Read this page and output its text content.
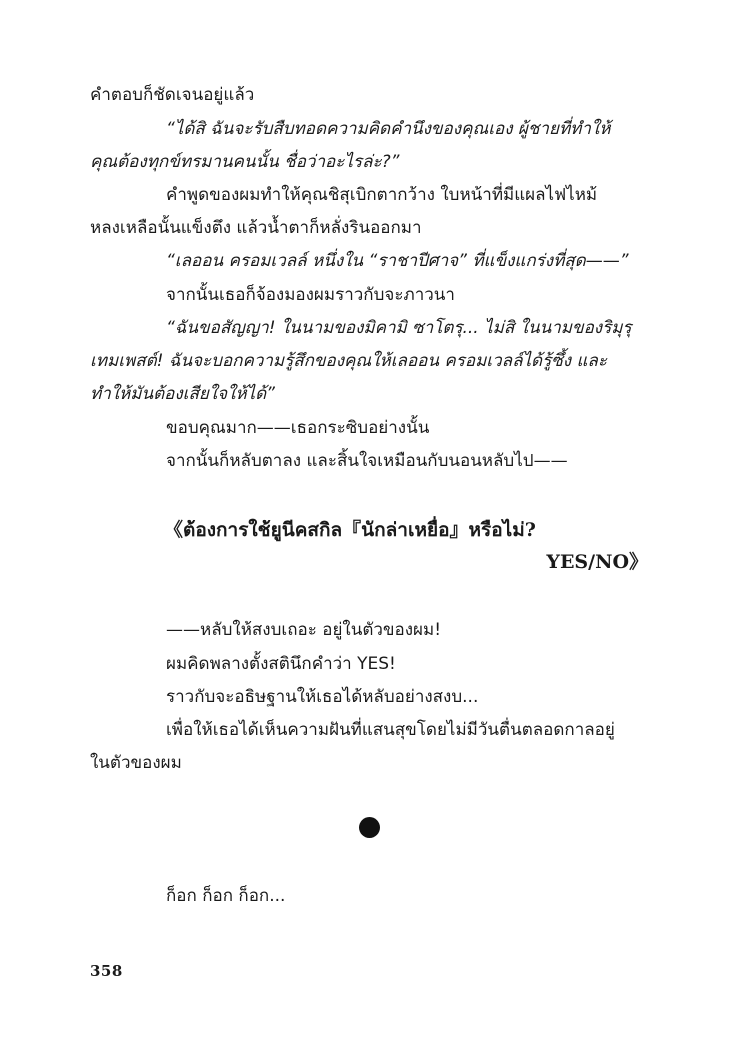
คำตอบก็ชัดเจนอยู่แล้ว
“ได้สิ ฉันจะรับสืบทอดความคิดคำนึงของคุณเอง ผู้ชายที่ทำให้
คุณต้องทุกข์ทรมานคนนั้น ชื่อว่าอะไรล่ะ?”
คำพูดของผมทำให้คุณชิสุเบิกตากว้าง ใบหน้าที่มีแผลไฟไหม้
หลงเหลือนั้นแข็งตึง แล้วน้ำตาก็หลั่งรินออกมา
“เลออน ครอมเวลล์ หนึ่งใน “ราชาปีศาจ” ที่แข็งแกร่งที่สุด——”
จากนั้นเธอก็จ้องมองผมราวกับจะภาวนา
“ฉันขอสัญญา! ในนามของมิคามิ ซาโตรุ... ไม่สิ ในนามของริมุรุ
เทมเพสต์! ฉันจะบอกความรู้สึกของคุณให้เลออน ครอมเวลล์ได้รู้ซึ้ง และ
ทำให้มันต้องเสียใจให้ได้”
ขอบคุณมาก——เธอกระซิบอย่างนั้น
จากนั้นก็หลับตาลง และสิ้นใจเหมือนกับนอนหลับไป——
《ต้องการใช้ยูนีคสกิล『นักล่าเหยื่อ』หรือไม่?
YES/NO》
——หลับให้สงบเถอะ อยู่ในตัวของผม!
ผมคิดพลางตั้งสตินึกคำว่า YES!
ราวกับจะอธิษฐานให้เธอได้หลับอย่างสงบ...
เพื่อให้เธอได้เห็นความฝันที่แสนสุขโดยไม่มีวันตื่นตลอดกาลอยู่
ในตัวของผม
ก็อก ก็อก ก็อก...
358
